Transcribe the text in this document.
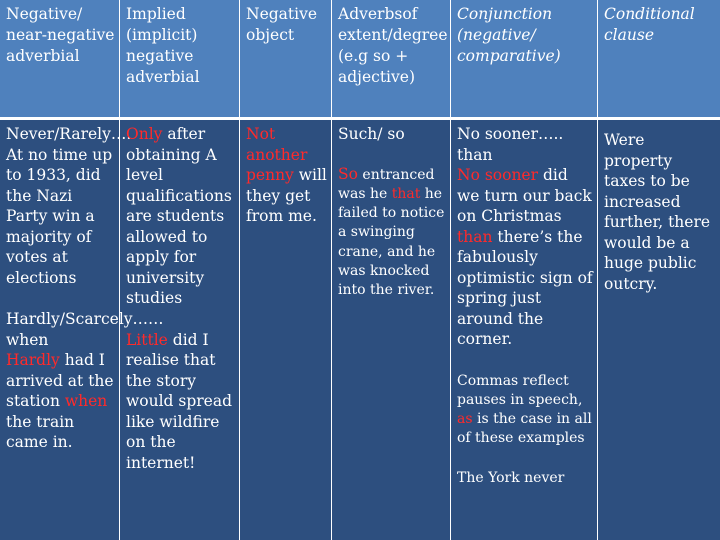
Negative/ near-negative adverbial
Implied (implicit) negative adverbial
Negative object
Adverbsof extent/degree (e.g so + adjective)
Conjunction (negative/ comparative)
Conditional clause

Never/Rarely….

At no time up to 1933, did the Nazi Party win a majority of votes at elections

Hardly/Scarcely…… when

Hardly had I arrived at the station when the train came in.

Only after obtaining A level qualifications are students allowed to apply for university studies

Little did I realise that the story would spread like wildfire on the internet!

Not another penny will they get from me.

Such/ so

So entranced was he that he failed to notice a swinging crane, and he was knocked into the river.

No sooner….. than

No sooner did we turn our back on Christmas than there’s the fabulously optimistic sign of spring just around the corner.

Commas reflect pauses in speech, as is the case in all of these examples

The York never

Were property taxes to be increased further, there would be a huge public outcry.
